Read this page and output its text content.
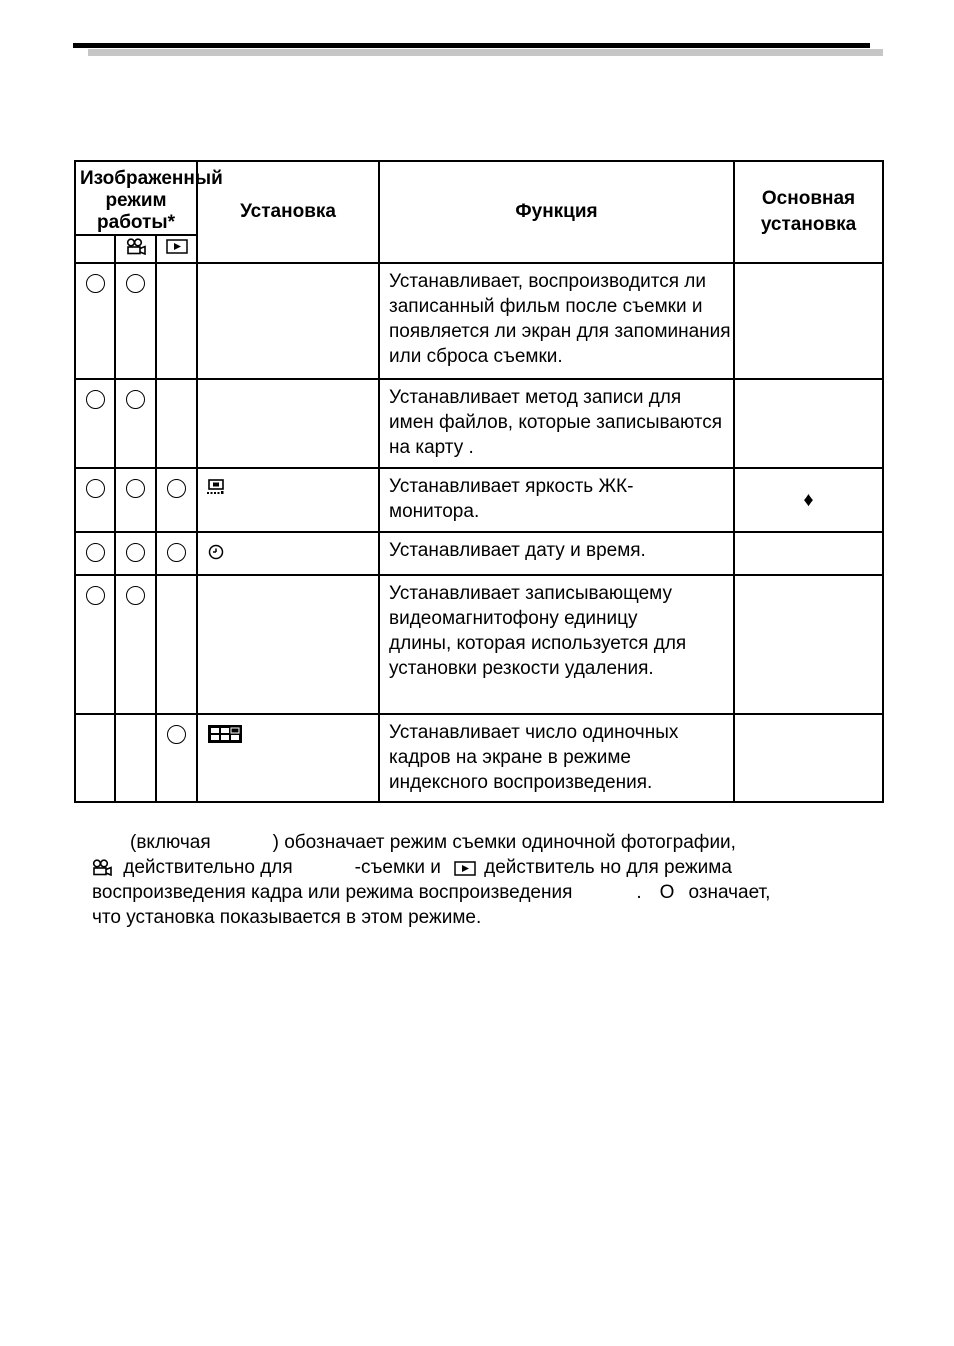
Изображенный режим работы*			Установка	Функция	Основная установка

				Устанавливает, воспроизводится ли записанный фильм после съемки и появляется ли экран для запоминания или сброса съемки.	

				Устанавливает метод записи для имен файлов, которые записываются на карту .	

				Устанавливает яркость ЖК-монитора.	♦
				Устанавливает дату и время.	
				Устанавливает записывающему видеомагнитофону единицу длины, которая используется для установки резкости удаления.	
				Устанавливает число одиночных кадров на экране в режиме индексного воспроизведения.	
(включая	) обозначает режим съемки одиночной фотографии,
действительно для	-съемки и действитель но для режима
воспроизведения кадра или режима воспроизведения	. О означает,
что установка показывается в этом режиме.
